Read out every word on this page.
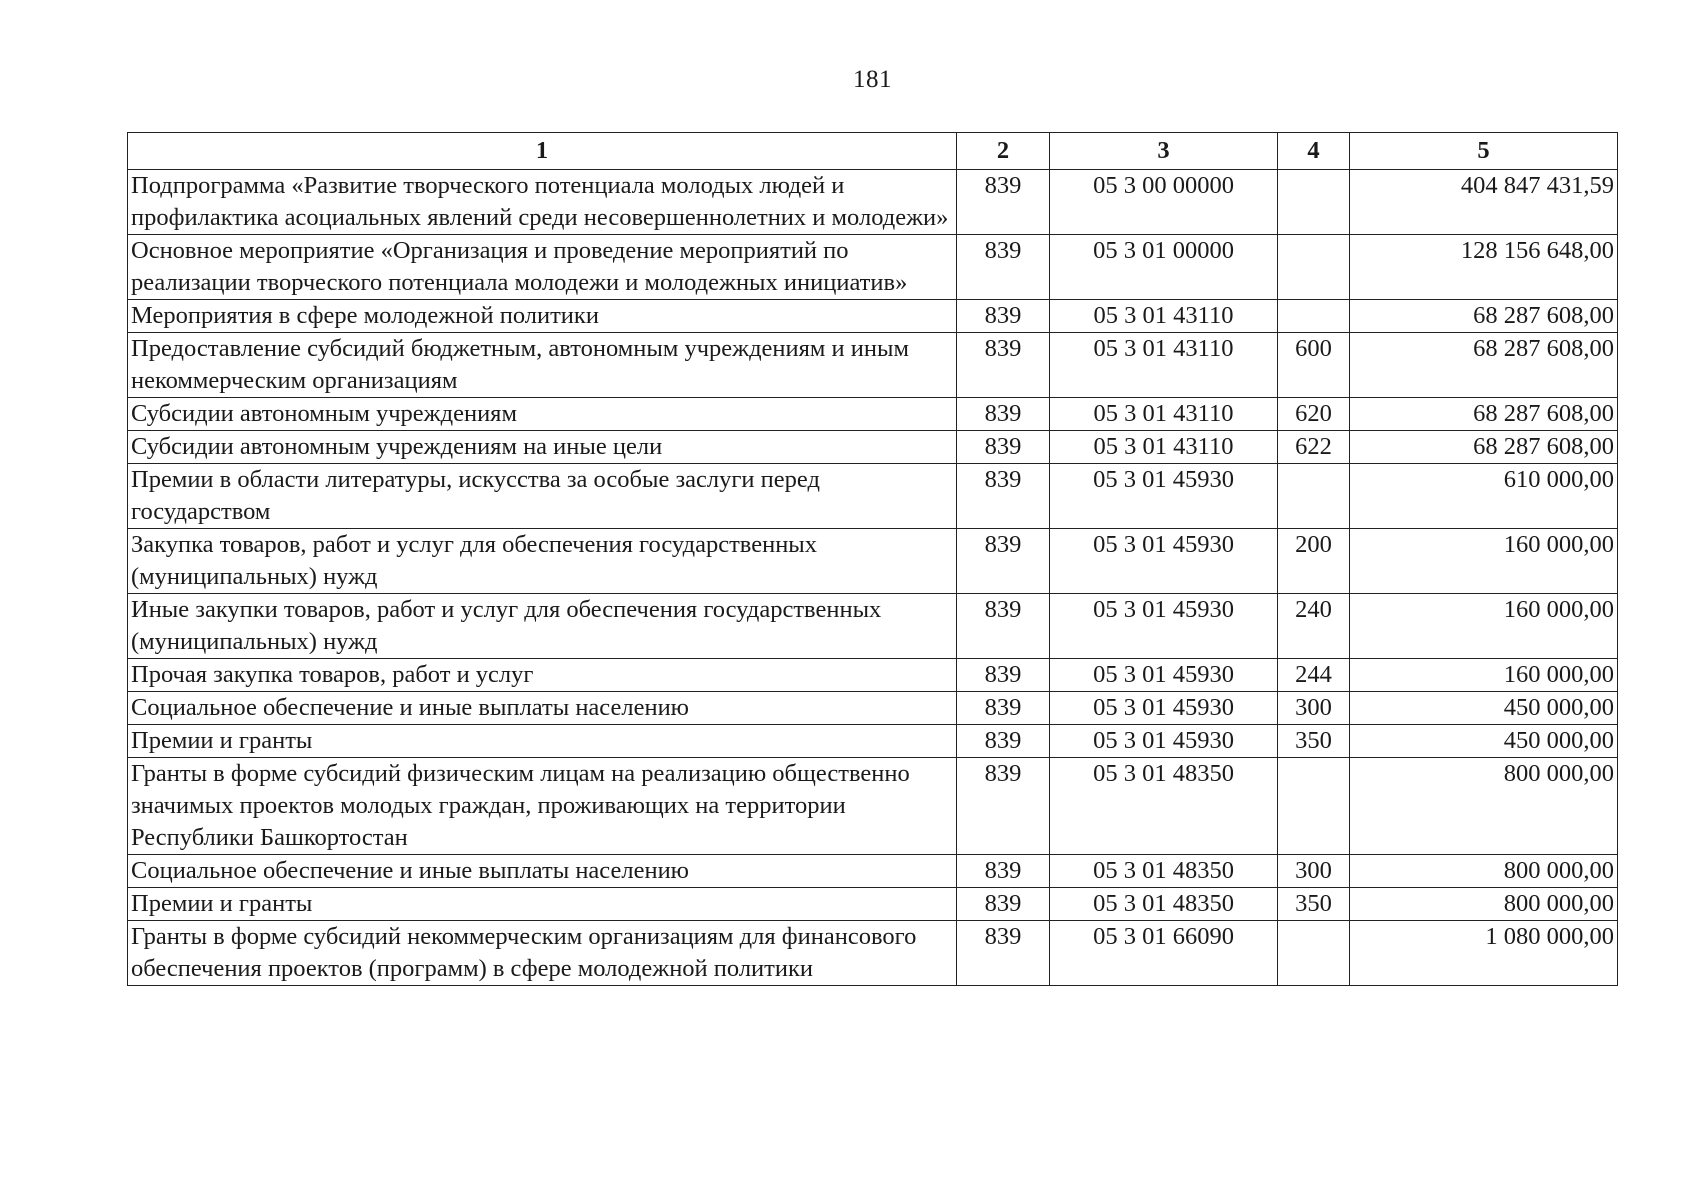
181
1	2	3	4	5
Подпрограмма «Развитие творческого потенциала молодых людей и профилактика асоциальных явлений среди несовершеннолетних и молодежи»	839	05 3 00 00000		404 847 431,59
Основное мероприятие «Организация и проведение мероприятий по реализации творческого потенциала молодежи и молодежных инициатив»	839	05 3 01 00000		128 156 648,00
Мероприятия в сфере молодежной политики	839	05 3 01 43110		68 287 608,00
Предоставление субсидий бюджетным, автономным учреждениям и иным некоммерческим организациям	839	05 3 01 43110	600	68 287 608,00
Субсидии автономным учреждениям	839	05 3 01 43110	620	68 287 608,00
Субсидии автономным учреждениям на иные цели	839	05 3 01 43110	622	68 287 608,00
Премии в области литературы, искусства за особые заслуги перед государством	839	05 3 01 45930		610 000,00
Закупка товаров, работ и услуг для обеспечения государственных (муниципальных) нужд	839	05 3 01 45930	200	160 000,00
Иные закупки товаров, работ и услуг для обеспечения государственных (муниципальных) нужд	839	05 3 01 45930	240	160 000,00
Прочая закупка товаров, работ и услуг	839	05 3 01 45930	244	160 000,00
Социальное обеспечение и иные выплаты населению	839	05 3 01 45930	300	450 000,00
Премии и гранты	839	05 3 01 45930	350	450 000,00
Гранты в форме субсидий физическим лицам на реализацию общественно значимых проектов молодых граждан, проживающих на территории Республики Башкортостан	839	05 3 01 48350		800 000,00
Социальное обеспечение и иные выплаты населению	839	05 3 01 48350	300	800 000,00
Премии и гранты	839	05 3 01 48350	350	800 000,00
Гранты в форме субсидий некоммерческим организациям для финансового обеспечения проектов (программ) в сфере молодежной политики	839	05 3 01 66090		1 080 000,00
